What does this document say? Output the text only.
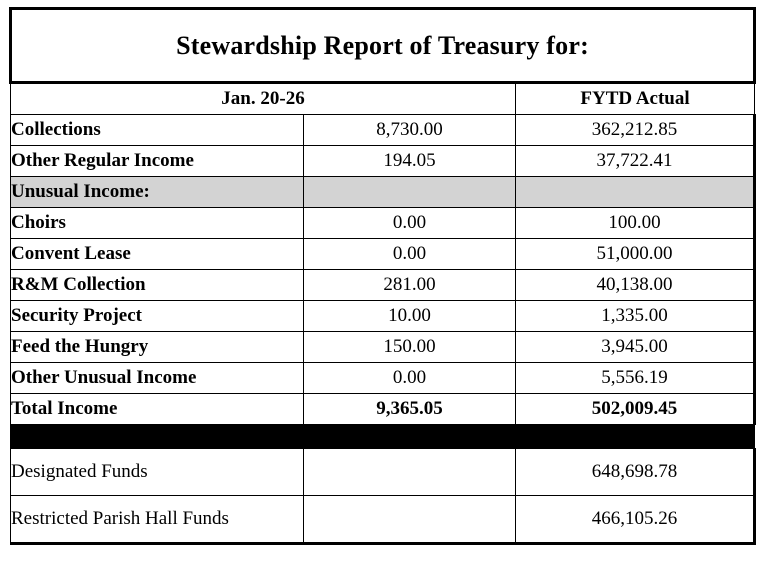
Stewardship Report of Treasury for:		
Jan. 20-26		FYTD Actual
Collections	8,730.00	362,212.85
Other Regular Income	194.05	37,722.41
Unusual Income:		
Choirs	0.00	100.00
Convent Lease	0.00	51,000.00
R&M Collection	281.00	40,138.00
Security Project	10.00	1,335.00
Feed the Hungry	150.00	3,945.00
Other Unusual Income	0.00	5,556.19
Total Income	9,365.05	502,009.45

Designated Funds		648,698.78
Restricted Parish Hall Funds		466,105.26
